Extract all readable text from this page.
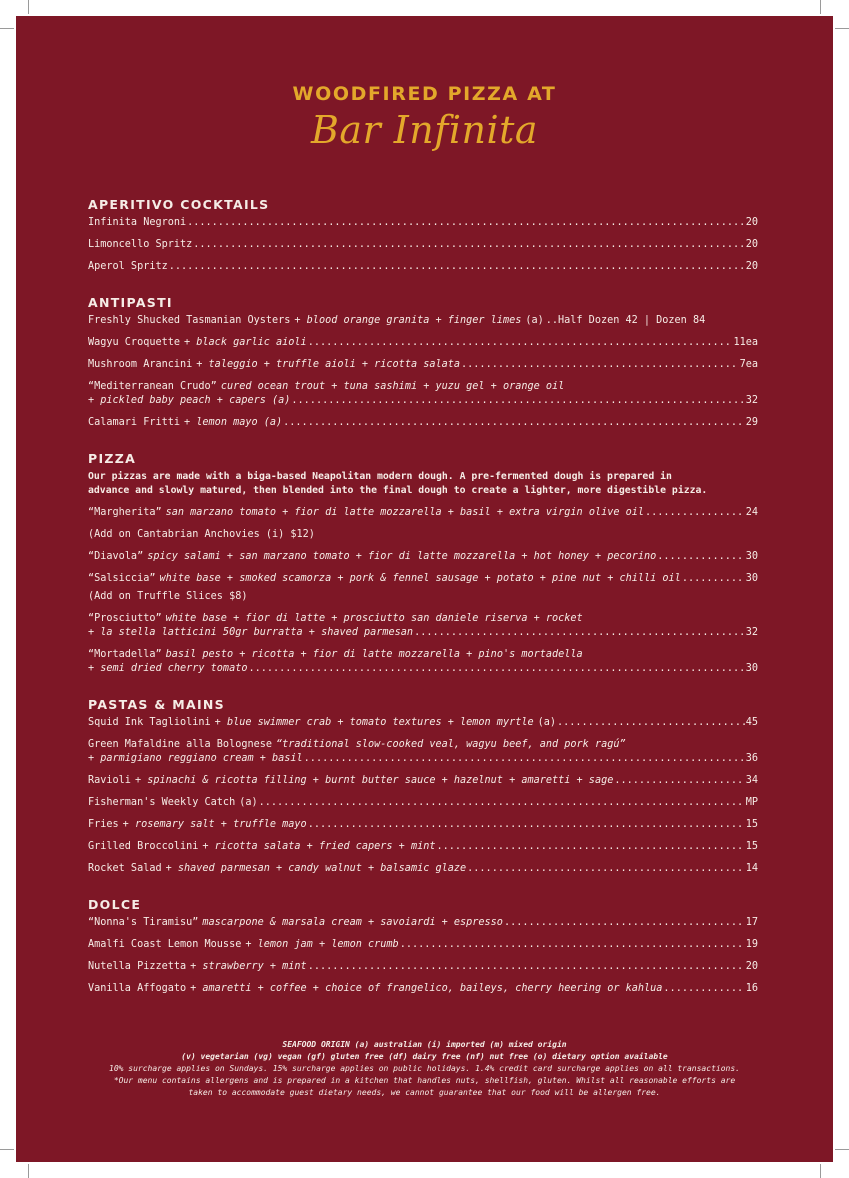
WOODFIRED PIZZA AT
Bar Infinita
APERITIVO COCKTAILS
Infinita Negroni .....	20
Limoncello Spritz .....	20
Aperol Spritz .....	20
ANTIPASTI
Freshly Shucked Tasmanian Oysters + blood orange granita + finger limes (a) ..Half Dozen 42 | Dozen 84
Wagyu Croquette + black garlic aioli .....	11ea
Mushroom Arancini + taleggio + truffle aioli + ricotta salata .....	7ea
“Mediterranean Crudo” cured ocean trout + tuna sashimi + yuzu gel + orange oil
+ pickled baby peach + capers (a) .....	32
Calamari Fritti + lemon mayo (a) .....	29
PIZZA
Our pizzas are made with a biga-based Neapolitan modern dough. A pre-fermented dough is prepared in
advance and slowly matured, then blended into the final dough to create a lighter, more digestible pizza.
“Margherita” san marzano tomato + fior di latte mozzarella + basil + extra virgin olive oil .....	24
(Add on Cantabrian Anchovies (i) $12)
“Diavola” spicy salami + san marzano tomato + fior di latte mozzarella + hot honey + pecorino .....	30
“Salsiccia” white base + smoked scamorza + pork & fennel sausage + potato + pine nut + chilli oil .....	30
(Add on Truffle Slices $8)
“Prosciutto” white base + fior di latte + prosciutto san daniele riserva + rocket
+ la stella latticini 50gr burratta + shaved parmesan .....	32
“Mortadella” basil pesto + ricotta + fior di latte mozzarella + pino's mortadella
+ semi dried cherry tomato .....	30
PASTAS & MAINS
Squid Ink Tagliolini + blue swimmer crab + tomato textures + lemon myrtle (a) .....	45
Green Mafaldine alla Bolognese “traditional slow-cooked veal, wagyu beef, and pork ragú”
+ parmigiano reggiano cream + basil .....	36
Ravioli + spinachi & ricotta filling + burnt butter sauce + hazelnut + amaretti + sage .....	34
Fisherman's Weekly Catch (a) .....	MP
Fries + rosemary salt + truffle mayo .....	15
Grilled Broccolini + ricotta salata + fried capers + mint .....	15
Rocket Salad + shaved parmesan + candy walnut + balsamic glaze .....	14
DOLCE
“Nonna's Tiramisu” mascarpone & marsala cream + savoiardi + espresso .....	17
Amalfi Coast Lemon Mousse + lemon jam + lemon crumb .....	19
Nutella Pizzetta + strawberry + mint .....	20
Vanilla Affogato + amaretti + coffee + choice of frangelico, baileys, cherry heering or kahlua .....	16
SEAFOOD ORIGIN (a) australian (i) imported (m) mixed origin
(v) vegetarian (vg) vegan (gf) gluten free (df) dairy free (nf) nut free (o) dietary option available
10% surcharge applies on Sundays. 15% surcharge applies on public holidays. 1.4% credit card surcharge applies on all transactions.
*Our menu contains allergens and is prepared in a kitchen that handles nuts, shellfish, gluten. Whilst all reasonable efforts are
taken to accommodate guest dietary needs, we cannot guarantee that our food will be allergen free.
